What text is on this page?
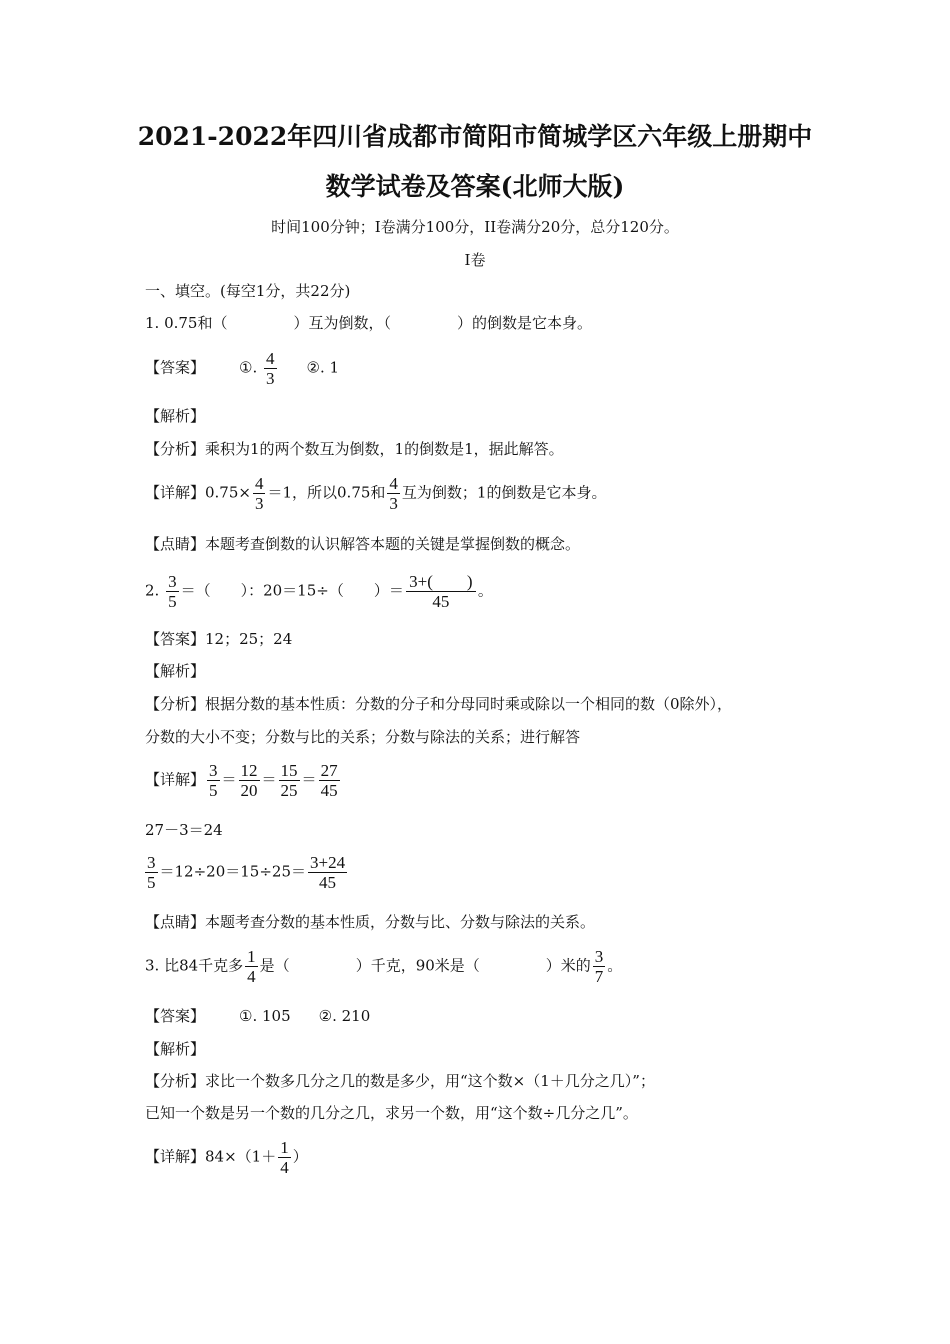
2021-2022年四川省成都市简阳市简城学区六年级上册期中
数学试卷及答案(北师大版)
时间100分钟；I卷满分100分，II卷满分20分，总分120分。
I卷
一、填空。(每空1分，共22分)
1. 0.75和（	）互为倒数，（	）的倒数是它本身。
【答案】 ①. $\frac{4}{3}$ ②. 1
【解析】
【分析】乘积为1的两个数互为倒数，1的倒数是1，据此解答。
【详解】$0.75\times \frac{4}{3} =1$，所以0.75和 $\frac{4}{3}$ 互为倒数；1的倒数是它本身。
【点睛】本题考查倒数的认识解答本题的关键是掌握倒数的概念。
2. $\frac{3}{5}$ ＝（　　）：20＝15÷（　　）＝ $\frac{3+( )}{45}$ 。
【答案】12；25；24
【解析】
【分析】根据分数的基本性质：分数的分子和分母同时乘或除以一个相同的数（0除外），
分数的大小不变；分数与比的关系；分数与除法的关系；进行解答
【详解】 $\frac{3}{5} = \frac{12}{20} = \frac{15}{25} = \frac{27}{45}$
27－3＝24
$\frac{3}{5} =12\div 20=15\div 25= \frac{3+24}{45}$
【点睛】本题考查分数的基本性质，分数与比、分数与除法的关系。
3. 比84千克多 $\frac{1}{4}$ 是（	）千克，90米是（	）米的 $\frac{3}{7}$ 。
【答案】 ①. 105 ②. 210
【解析】
【分析】求比一个数多几分之几的数是多少，用“这个数×（1＋几分之几）”；
已知一个数是另一个数的几分之几，求另一个数，用“这个数÷几分之几”。
【详解】$84\times(1+ \frac{1}{4}$ ）
